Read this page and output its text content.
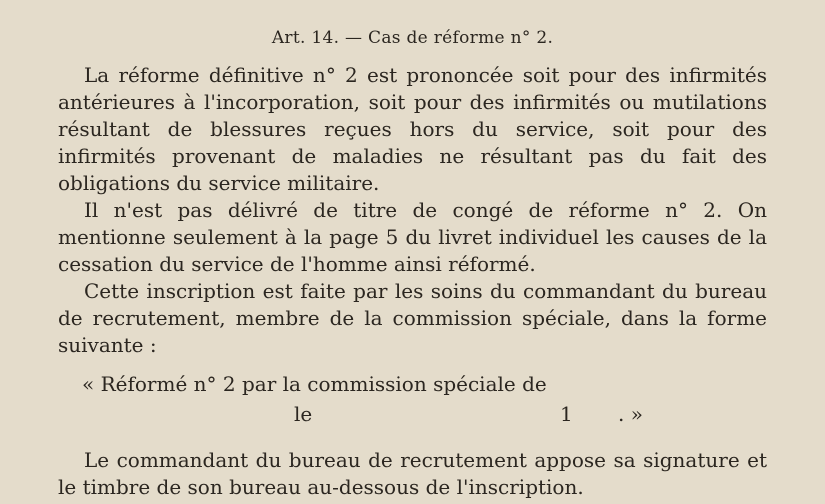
Art. 14. — Cas de réforme n° 2.

La réforme définitive n° 2 est prononcée soit pour des infirmités antérieures à l'incorporation, soit pour des infirmités ou mutilations résultant de blessures reçues hors du service, soit pour des infirmités provenant de maladies ne résultant pas du fait des obligations du service militaire.

Il n'est pas délivré de titre de congé de réforme n° 2. On mentionne seulement à la page 5 du livret individuel les causes de la cessation du service de l'homme ainsi réformé.

Cette inscription est faite par les soins du commandant du bureau de recrutement, membre de la commission spéciale, dans la forme suivante :

« Réformé n° 2 par la commission spéciale de
le	1 . »

Le commandant du bureau de recrutement appose sa signature et le timbre de son bureau au-dessous de l'inscription.
